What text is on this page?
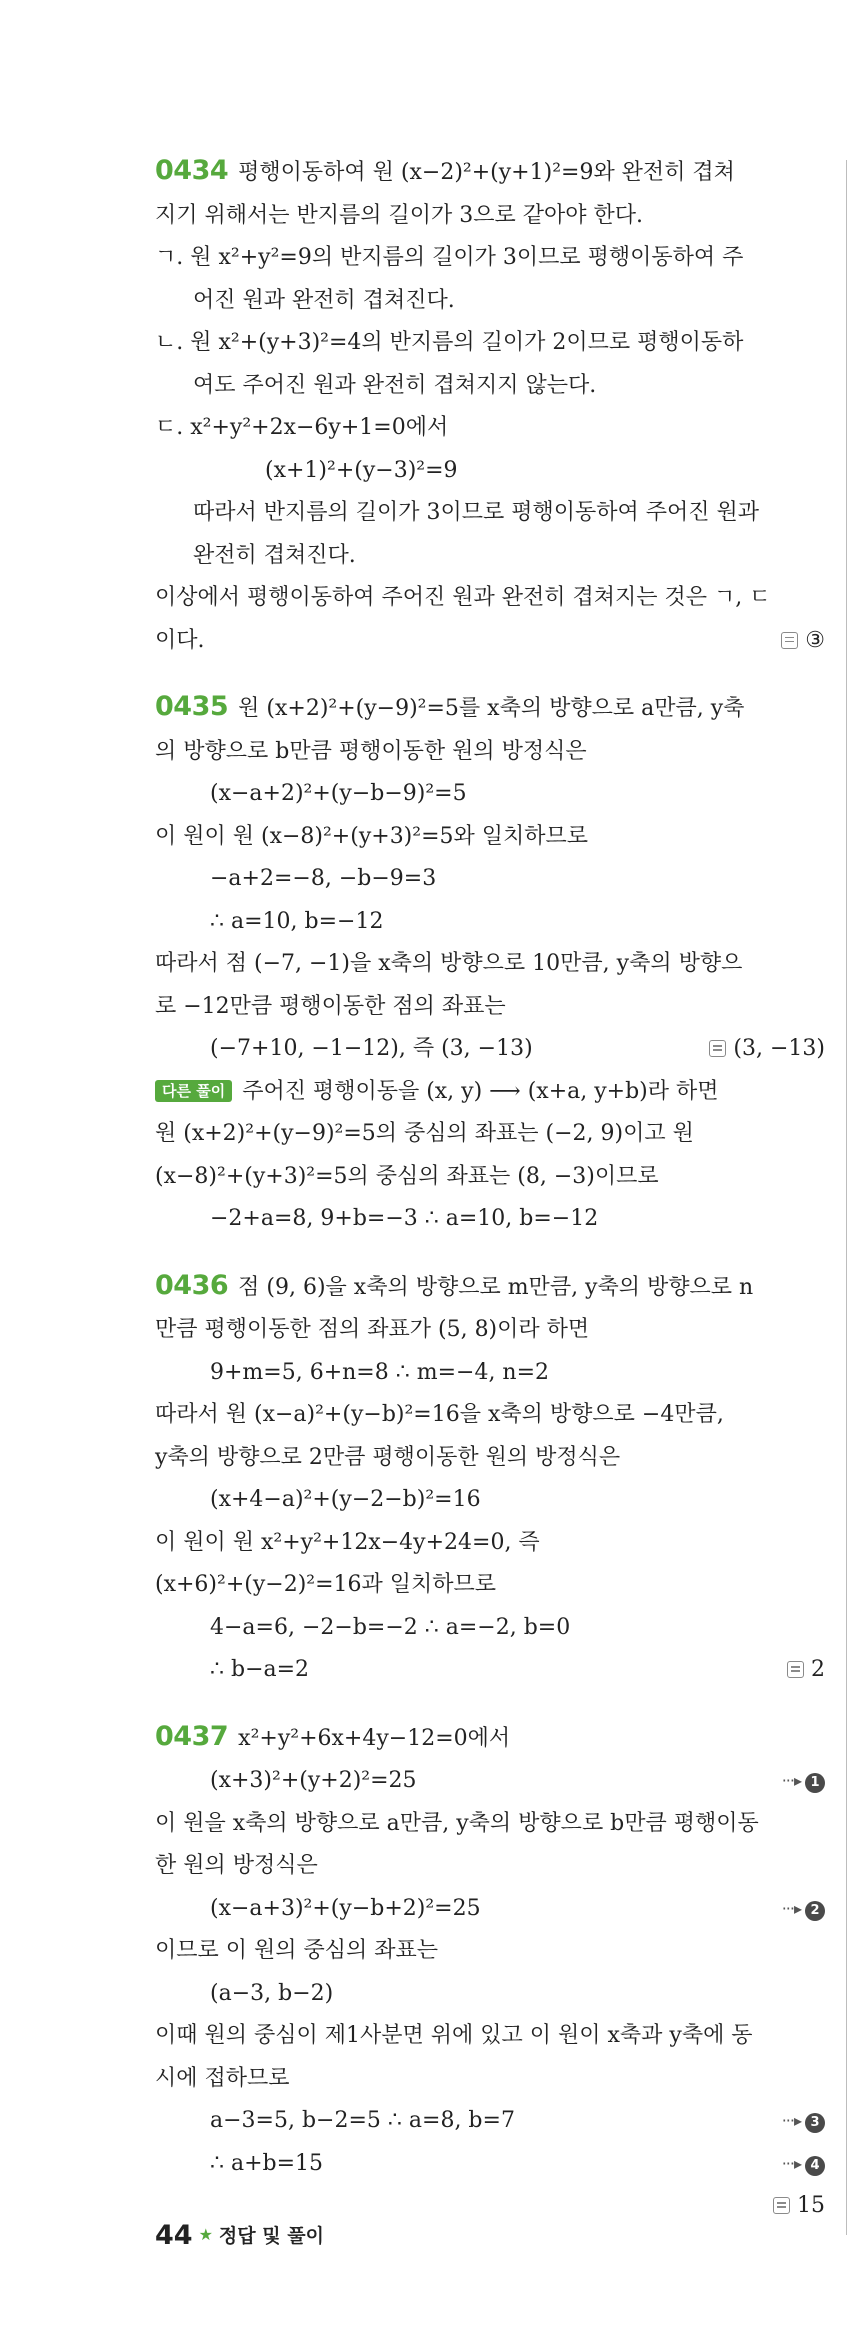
0434 평행이동하여 원 (x−2)²+(y+1)²=9와 완전히 겹쳐
지기 위해서는 반지름의 길이가 3으로 같아야 한다.
ㄱ. 원 x²+y²=9의 반지름의 길이가 3이므로 평행이동하여 주
어진 원과 완전히 겹쳐진다.
ㄴ. 원 x²+(y+3)²=4의 반지름의 길이가 2이므로 평행이동하
여도 주어진 원과 완전히 겹쳐지지 않는다.
ㄷ. x²+y²+2x−6y+1=0에서
(x+1)²+(y−3)²=9
따라서 반지름의 길이가 3이므로 평행이동하여 주어진 원과
완전히 겹쳐진다.
이상에서 평행이동하여 주어진 원과 완전히 겹쳐지는 것은 ㄱ, ㄷ
이다.	③
0435 원 (x+2)²+(y−9)²=5를 x축의 방향으로 a만큼, y축
의 방향으로 b만큼 평행이동한 원의 방정식은
(x−a+2)²+(y−b−9)²=5
이 원이 원 (x−8)²+(y+3)²=5와 일치하므로
−a+2=−8, −b−9=3
∴ a=10, b=−12
따라서 점 (−7, −1)을 x축의 방향으로 10만큼, y축의 방향으
로 −12만큼 평행이동한 점의 좌표는
(−7+10, −1−12), 즉 (3, −13)	(3, −13)
다른 풀이 주어진 평행이동을 (x, y) ⟶ (x+a, y+b)라 하면
원 (x+2)²+(y−9)²=5의 중심의 좌표는 (−2, 9)이고 원
(x−8)²+(y+3)²=5의 중심의 좌표는 (8, −3)이므로
−2+a=8, 9+b=−3 ∴ a=10, b=−12
0436 점 (9, 6)을 x축의 방향으로 m만큼, y축의 방향으로 n
만큼 평행이동한 점의 좌표가 (5, 8)이라 하면
9+m=5, 6+n=8 ∴ m=−4, n=2
따라서 원 (x−a)²+(y−b)²=16을 x축의 방향으로 −4만큼,
y축의 방향으로 2만큼 평행이동한 원의 방정식은
(x+4−a)²+(y−2−b)²=16
이 원이 원 x²+y²+12x−4y+24=0, 즉
(x+6)²+(y−2)²=16과 일치하므로
4−a=6, −2−b=−2 ∴ a=−2, b=0
∴ b−a=2	2
0437 x²+y²+6x+4y−12=0에서
(x+3)²+(y+2)²=25	···▸ 1
이 원을 x축의 방향으로 a만큼, y축의 방향으로 b만큼 평행이동
한 원의 방정식은
(x−a+3)²+(y−b+2)²=25	···▸ 2
이므로 이 원의 중심의 좌표는
(a−3, b−2)
이때 원의 중심이 제1사분면 위에 있고 이 원이 x축과 y축에 동
시에 접하므로
a−3=5, b−2=5 ∴ a=8, b=7	···▸ 3
∴ a+b=15	···▸ 4
15
44 ★ 정답 및 풀이
